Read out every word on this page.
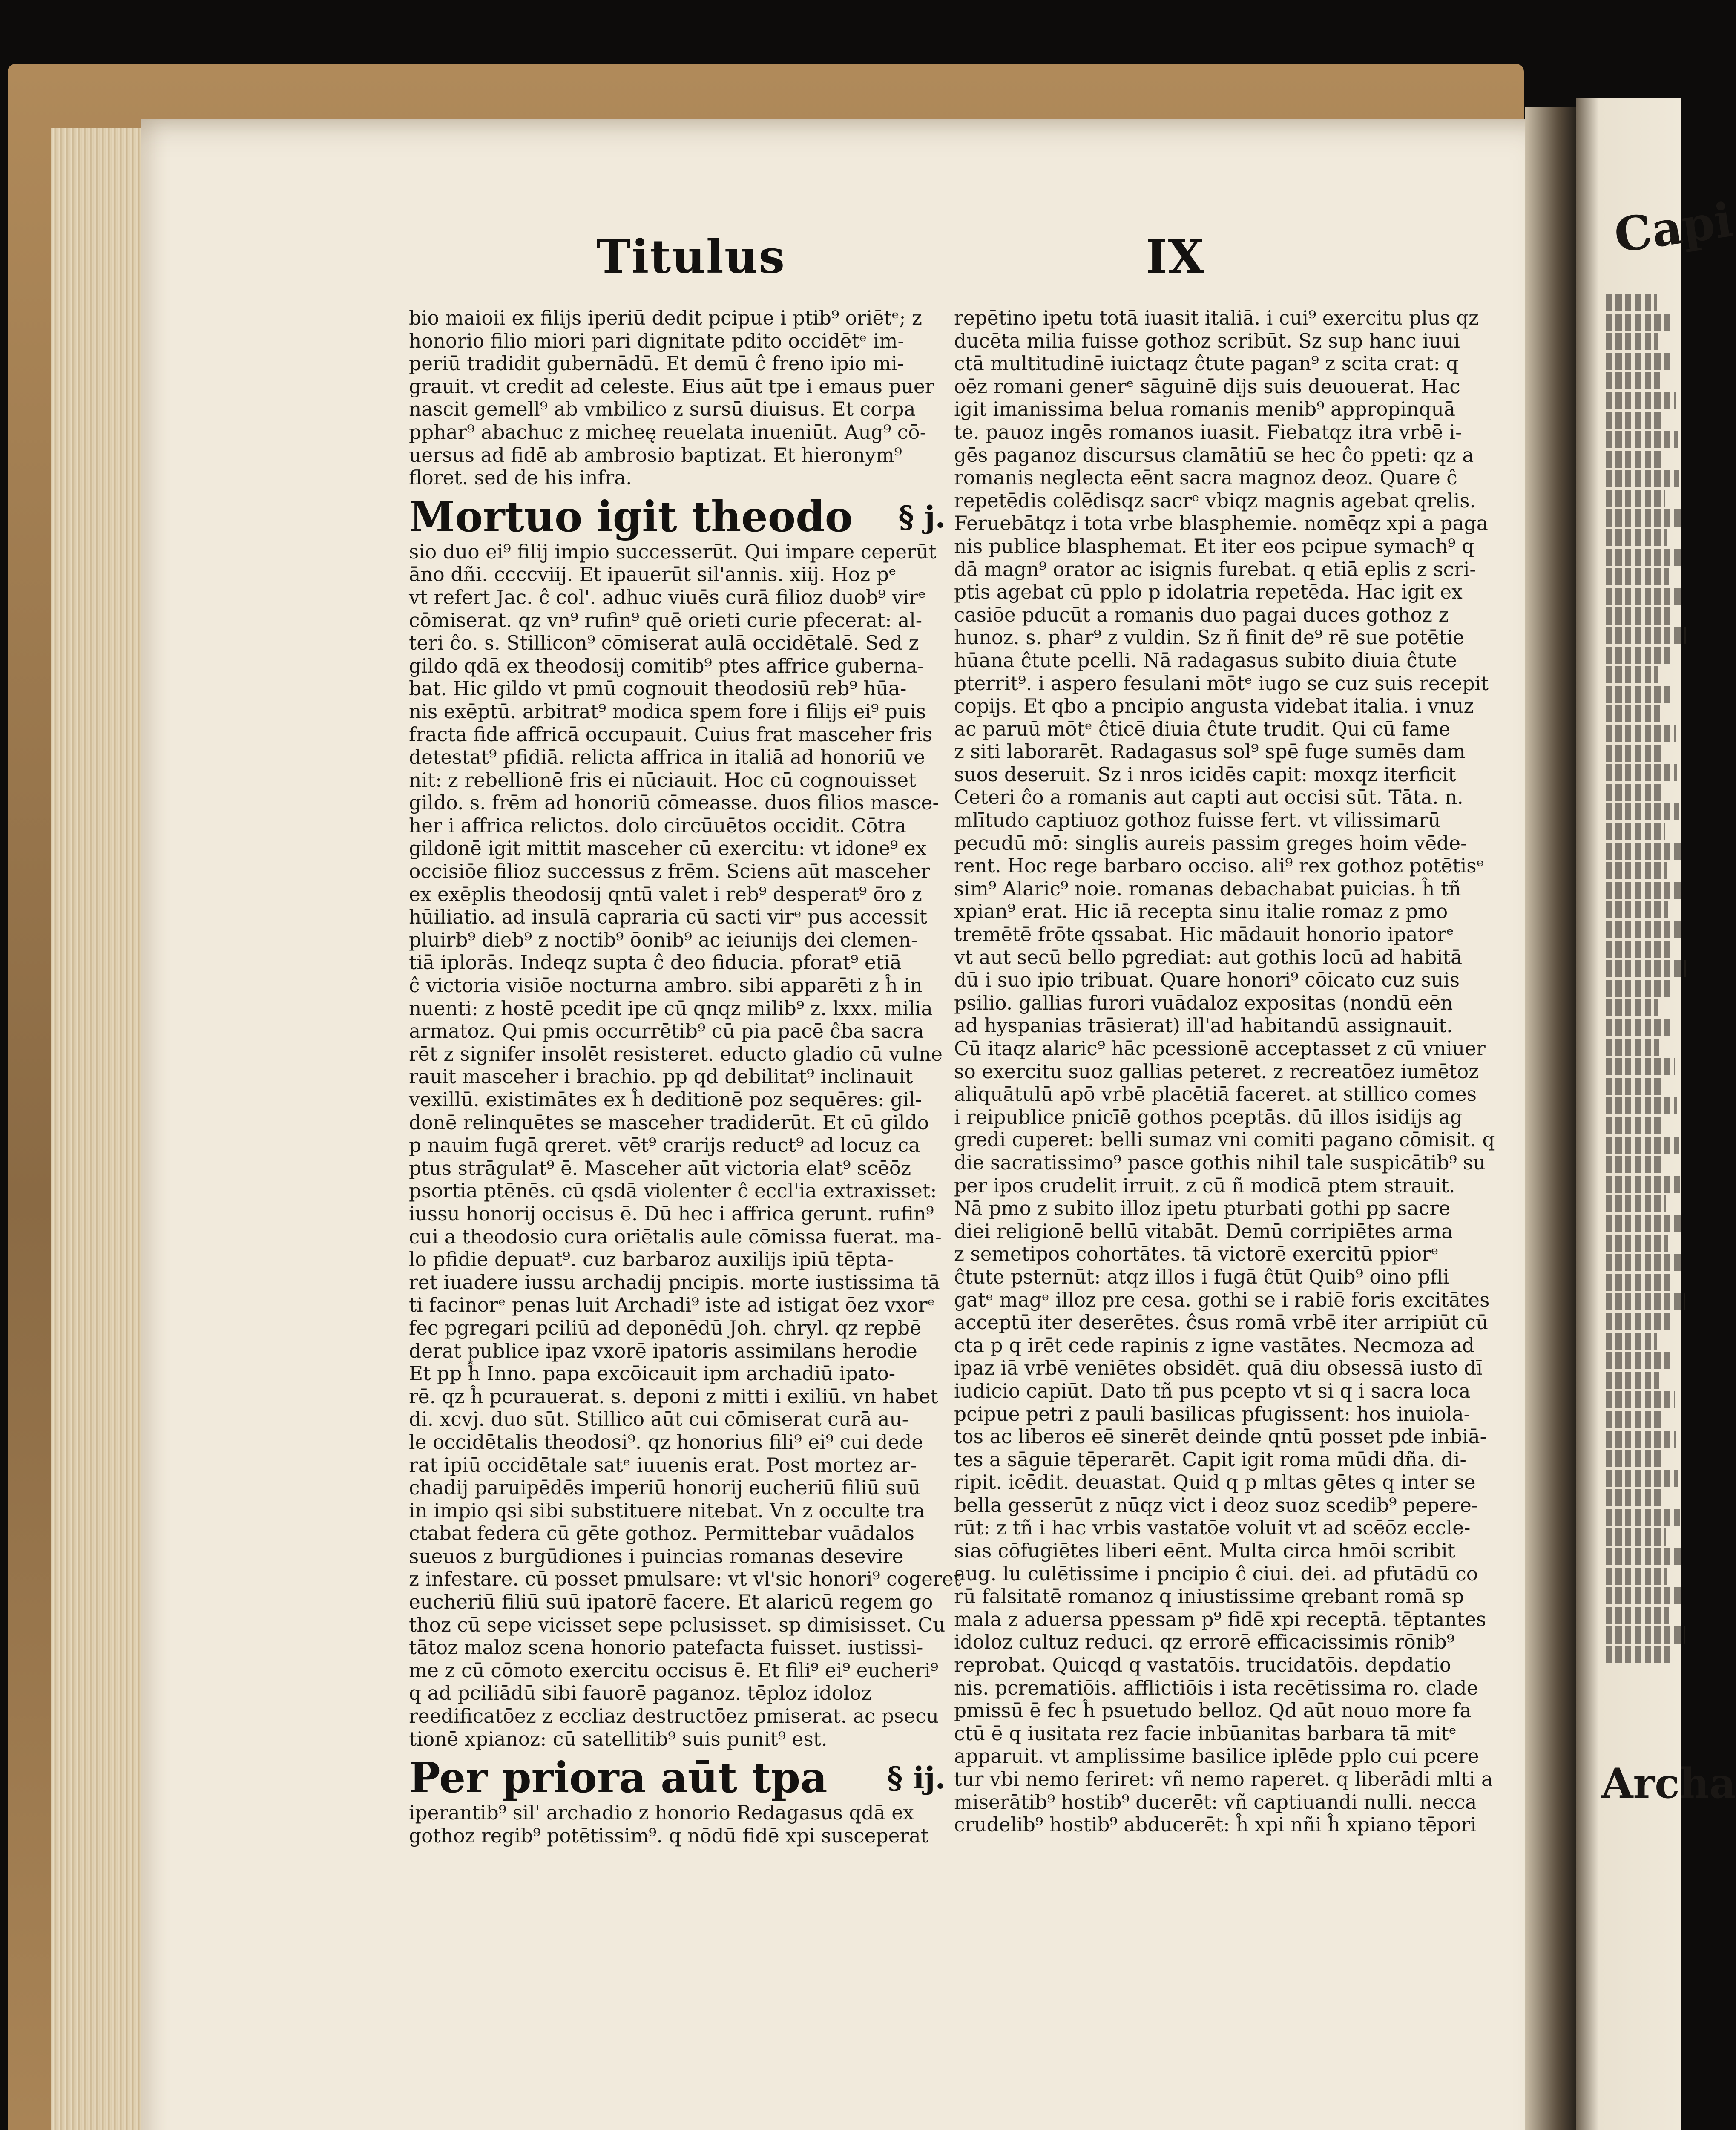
Capi
Archa
Titulus	IX
bio maioii ex filijs iperiū dedit pcipue i ptib⁹ oriētᵉ; z
honorio filio miori pari dignitate pdito occidētᵉ im-
periū tradidit gubernādū. Et demū ĉ freno ipio mi-
grauit. vt credit ad celeste. Eius aūt tpe i emaus puer
nascit gemell⁹ ab vmbilico z sursū diuisus. Et corpa
pphar⁹ abachuc z micheę reuelata inueniūt. Aug⁹ cō-
uersus ad fidē ab ambrosio baptizat. Et hieronym⁹
floret. sed de his infra.
Mortuo igit theodo § j.
sio duo ei⁹ filij impio successerūt. Qui impare ceperūt
āno dñi. ccccviij. Et ipauerūt sil'annis. xiij. Hoz pᵉ
vt refert Jac. ĉ col'. adhuc viuēs curā filioz duob⁹ virᵉ
cōmiserat. qz vn⁹ rufin⁹ quē orieti curie pfecerat: al-
teri ĉo. s. Stillicon⁹ cōmiserat aulā occidētalē. Sed z
gildo qdā ex theodosij comitib⁹ ptes affrice guberna-
bat. Hic gildo vt pmū cognouit theodosiū reb⁹ hūa-
nis exēptū. arbitrat⁹ modica spem fore i filijs ei⁹ puis
fracta fide affricā occupauit. Cuius frat masceher fris
detestat⁹ pfidiā. relicta affrica in italiā ad honoriū ve
nit: z rebellionē fris ei nūciauit. Hoc cū cognouisset
gildo. s. frēm ad honoriū cōmeasse. duos filios masce-
her i affrica relictos. dolo circūuētos occidit. Cōtra
gildonē igit mittit masceher cū exercitu: vt idone⁹ ex
occisiōe filioz successus z frēm. Sciens aūt masceher
ex exēplis theodosij qntū valet i reb⁹ desperat⁹ ōro z
hūiliatio. ad insulā capraria cū sacti virᵉ pus accessit
pluirb⁹ dieb⁹ z noctib⁹ ōonib⁹ ac ieiunijs dei clemen-
tiā iplorās. Indeqz supta ĉ deo fiducia. pforat⁹ etiā
ĉ victoria visiōe nocturna ambro. sibi apparēti z ĥ in
nuenti: z hostē pcedit ipe cū qnqz milib⁹ z. lxxx. milia
armatoz. Qui pmis occurrētib⁹ cū pia pacē ĉba sacra
rēt z signifer insolēt resisteret. educto gladio cū vulne
rauit masceher i brachio. pp qd debilitat⁹ inclinauit
vexillū. existimātes ex ĥ deditionē poz sequēres: gil-
donē relinquētes se masceher tradiderūt. Et cū gildo
p nauim fugā qreret. vēt⁹ crarijs reduct⁹ ad locuz ca
ptus strāgulat⁹ ē. Masceher aūt victoria elat⁹ scēōz
psortia ptēnēs. cū qsdā violenter ĉ eccl'ia extraxisset:
iussu honorij occisus ē. Dū hec i affrica gerunt. rufin⁹
cui a theodosio cura oriētalis aule cōmissa fuerat. ma-
lo pfidie depuat⁹. cuz barbaroz auxilijs ipiū tēpta-
ret iuadere iussu archadij pncipis. morte iustissima tā
ti facinorᵉ penas luit Archadi⁹ iste ad istigat ōez vxorᵉ
fec pgregari pciliū ad deponēdū Joh. chryl. qz repbē
derat publice ipaz vxorē ipatoris assimilans herodie
Et pp ĥ Inno. papa excōicauit ipm archadiū ipato-
rē. qz ĥ pcurauerat. s. deponi z mitti i exiliū. vn habet
di. xcvj. duo sūt. Stillico aūt cui cōmiserat curā au-
le occidētalis theodosi⁹. qz honorius fili⁹ ei⁹ cui dede
rat ipiū occidētale satᵉ iuuenis erat. Post mortez ar-
chadij paruipēdēs imperiū honorij eucheriū filiū suū
in impio qsi sibi substituere nitebat. Vn z occulte tra
ctabat federa cū gēte gothoz. Permittebar vuādalos
sueuos z burgūdiones i puincias romanas desevire
z infestare. cū posset pmulsare: vt vl'sic honori⁹ cogeret
eucheriū filiū suū ipatorē facere. Et alaricū regem go
thoz cū sepe vicisset sepe pclusisset. sp dimisisset. Cu
tātoz maloz scena honorio patefacta fuisset. iustissi-
me z cū cōmoto exercitu occisus ē. Et fili⁹ ei⁹ eucheri⁹
q ad pciliādū sibi fauorē paganoz. tēploz idoloz
reedificatōez z eccliaz destructōez pmiserat. ac psecu
tionē xpianoz: cū satellitib⁹ suis punit⁹ est.
Per priora aūt tpa § ij.
iperantib⁹ sil' archadio z honorio Redagasus qdā ex
gothoz regib⁹ potētissim⁹. q nōdū fidē xpi susceperat
repētino ipetu totā iuasit italiā. i cui⁹ exercitu plus qz
ducēta milia fuisse gothoz scribūt. Sz sup hanc iuui
ctā multitudinē iuictaqz ĉtute pagan⁹ z scita crat: q
oēz romani generᵉ sāguinē dijs suis deuouerat. Hac
igit imanissima belua romanis menib⁹ appropinquā
te. pauoz ingēs romanos iuasit. Fiebatqz itra vrbē i-
gēs paganoz discursus clamātiū se hec ĉo ppeti: qz a
romanis neglecta eēnt sacra magnoz deoz. Quare ĉ
repetēdis colēdisqz sacrᵉ vbiqz magnis agebat qrelis.
Feruebātqz i tota vrbe blasphemie. nomēqz xpi a paga
nis publice blasphemat. Et iter eos pcipue symach⁹ q
dā magn⁹ orator ac isignis furebat. q etiā eplis z scri-
ptis agebat cū pplo p idolatria repetēda. Hac igit ex
casiōe pducūt a romanis duo pagai duces gothoz z
hunoz. s. phar⁹ z vuldin. Sz ñ finit de⁹ rē sue potētie
hūana ĉtute pcelli. Nā radagasus subito diuia ĉtute
pterrit⁹. i aspero fesulani mōtᵉ iugo se cuz suis recepit
copijs. Et qbo a pncipio angusta videbat italia. i vnuz
ac paruū mōtᵉ ĉticē diuia ĉtute trudit. Qui cū fame
z siti laborarēt. Radagasus sol⁹ spē fuge sumēs dam
suos deseruit. Sz i nros icidēs capit: moxqz iterficit
Ceteri ĉo a romanis aut capti aut occisi sūt. Tāta. n.
mlītudo captiuoz gothoz fuisse fert. vt vilissimarū
pecudū mō: singlis aureis passim greges hoim vēde-
rent. Hoc rege barbaro occiso. ali⁹ rex gothoz potētisᵉ
sim⁹ Alaric⁹ noie. romanas debachabat puicias. ĥ tñ
xpian⁹ erat. Hic iā recepta sinu italie romaz z pmo
tremētē frōte qssabat. Hic mādauit honorio ipatorᵉ
vt aut secū bello pgrediat: aut gothis locū ad habitā
dū i suo ipio tribuat. Quare honori⁹ cōicato cuz suis
psilio. gallias furori vuādaloz expositas (nondū eēn
ad hyspanias trāsierat) ill'ad habitandū assignauit.
Cū itaqz alaric⁹ hāc pcessionē acceptasset z cū vniuer
so exercitu suoz gallias peteret. z recreatōez iumētoz
aliquātulū apō vrbē placētiā faceret. at stillico comes
i reipublice pnicīē gothos pceptās. dū illos isidijs ag
gredi cuperet: belli sumaz vni comiti pagano cōmisit. q
die sacratissimo⁹ pasce gothis nihil tale suspicātib⁹ su
per ipos crudelit irruit. z cū ñ modicā ptem strauit.
Nā pmo z subito illoz ipetu pturbati gothi pp sacre
diei religionē bellū vitabāt. Demū corripiētes arma
z semetipos cohortātes. tā victorē exercitū ppiorᵉ
ĉtute psternūt: atqz illos i fugā ĉtūt Quib⁹ oino pfli
gatᵉ magᵉ illoz pre cesa. gothi se i rabiē foris excitātes
acceptū iter deserētes. ĉsus romā vrbē iter arripiūt cū
cta p q irēt cede rapinis z igne vastātes. Necmoza ad
ipaz iā vrbē veniētes obsidēt. quā diu obsessā iusto dī
iudicio capiūt. Dato tñ pus pcepto vt si q i sacra loca
pcipue petri z pauli basilicas pfugissent: hos inuiola-
tos ac liberos eē sinerēt deinde qntū posset pde inbiā-
tes a sāguie tēperarēt. Capit igit roma mūdi dña. di-
ripit. icēdit. deuastat. Quid q p mltas gētes q inter se
bella gesserūt z nūqz vict i deoz suoz scedib⁹ pepere-
rūt: z tñ i hac vrbis vastatōe voluit vt ad scēōz eccle-
sias cōfugiētes liberi eēnt. Multa circa hmōi scribit
aug. lu culētissime i pncipio ĉ ciui. dei. ad pfutādū co
rū falsitatē romanoz q iniustissime qrebant romā sp
mala z aduersa ppessam p⁹ fidē xpi receptā. tēptantes
idoloz cultuz reduci. qz errorē efficacissimis rōnib⁹
reprobat. Quicqd q vastatōis. trucidatōis. depdatio
nis. pcrematiōis. afflictiōis i ista recētissima ro. clade
pmissū ē fec ĥ psuetudo belloz. Qd aūt nouo more fa
ctū ē q iusitata rez facie inbūanitas barbara tā mitᵉ
apparuit. vt amplissime basilice iplēde pplo cui pcere
tur vbi nemo feriret: vñ nemo raperet. q liberādi mlti a
miserātib⁹ hostib⁹ ducerēt: vñ captiuandi nulli. necca
crudelib⁹ hostib⁹ abducerēt: ĥ xpi nñi ĥ xpiano tēpori
